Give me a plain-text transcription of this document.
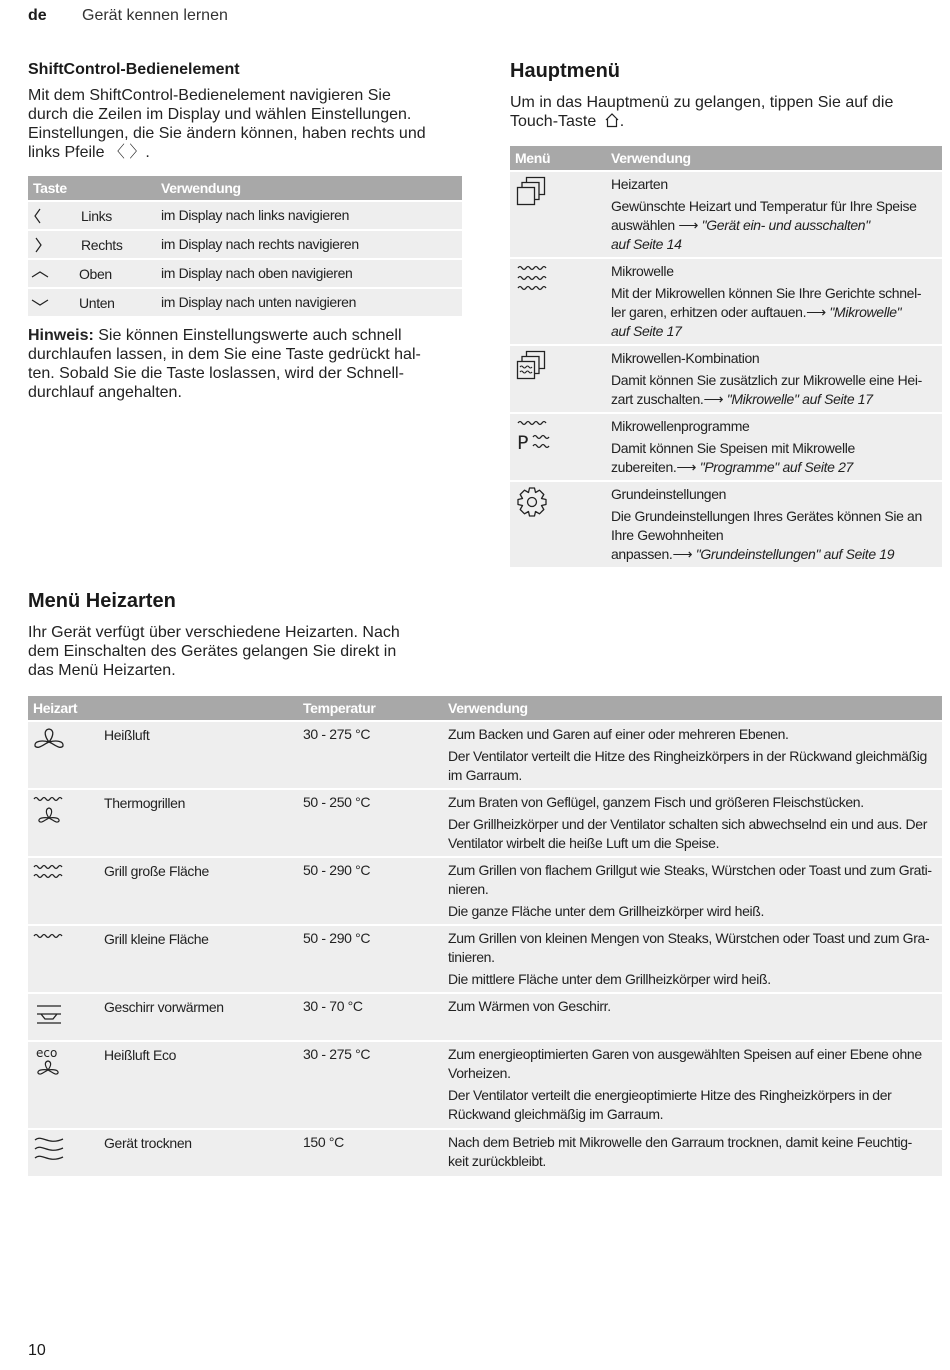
de Gerät kennen lernen
ShiftControl-Bedienelement
Mit dem ShiftControl-Bedienelement navigieren Sie
durch die Zeilen im Display und wählen Einstellungen.
Einstellungen, die Sie ändern können, haben rechts und
links Pfeile 〈 〉.
Taste	Verwendung

Links	im Display nach links navigieren

Rechts	im Display nach rechts navigieren

Oben	im Display nach oben navigieren

Unten	im Display nach unten navigieren
Hinweis: Sie können Einstellungswerte auch schnell
durchlaufen lassen, in dem Sie eine Taste gedrückt hal-
ten. Sobald Sie die Taste loslassen, wird der Schnell-
durchlauf angehalten.
Hauptmenü
Um in das Hauptmenü zu gelangen, tippen Sie auf die
Touch-Taste .
Menü	Verwendung

Heizarten
Gewünschte Heizart und Temperatur für Ihre Speise
auswählen ⟶ "Gerät ein- und ausschalten"
auf Seite 14

Mikrowelle
Mit der Mikrowellen können Sie Ihre Gerichte schnel-
ler garen, erhitzen oder auftauen.⟶ "Mikrowelle"
auf Seite 17

Mikrowellen-Kombination
Damit können Sie zusätzlich zur Mikrowelle eine Hei-
zart zuschalten.⟶ "Mikrowelle" auf Seite 17

P	Mikrowellenprogramme
Damit können Sie Speisen mit Mikrowelle
zubereiten.⟶ "Programme" auf Seite 27

Grundeinstellungen
Die Grundeinstellungen Ihres Gerätes können Sie an
Ihre Gewohnheiten
anpassen.⟶ "Grundeinstellungen" auf Seite 19
Menü Heizarten
Ihr Gerät verfügt über verschiedene Heizarten. Nach
dem Einschalten des Gerätes gelangen Sie direkt in
das Menü Heizarten.
Heizart	Temperatur	Verwendung

Heißluft	30 - 275 °C	Zum Backen und Garen auf einer oder mehreren Ebenen.
Der Ventilator verteilt die Hitze des Ringheizkörpers in der Rückwand gleichmäßig
im Garraum.

Thermogrillen	50 - 250 °C	Zum Braten von Geflügel, ganzem Fisch und größeren Fleischstücken.
Der Grillheizkörper und der Ventilator schalten sich abwechselnd ein und aus. Der
Ventilator wirbelt die heiße Luft um die Speise.

Grill große Fläche	50 - 290 °C	Zum Grillen von flachem Grillgut wie Steaks, Würstchen oder Toast und zum Grati-
nieren.
Die ganze Fläche unter dem Grillheizkörper wird heiß.

Grill kleine Fläche	50 - 290 °C	Zum Grillen von kleinen Mengen von Steaks, Würstchen oder Toast und zum Gra-
tinieren.
Die mittlere Fläche unter dem Grillheizkörper wird heiß.

Geschirr vorwärmen	30 - 70 °C	Zum Wärmen von Geschirr.

eco Heißluft Eco	30 - 275 °C	Zum energieoptimierten Garen von ausgewählten Speisen auf einer Ebene ohne
Vorheizen.
Der Ventilator verteilt die energieoptimierte Hitze des Ringheizkörpers in der
Rückwand gleichmäßig im Garraum.

Gerät trocknen	150 °C	Nach dem Betrieb mit Mikrowelle den Garraum trocknen, damit keine Feuchtig-
keit zurückbleibt.
10
